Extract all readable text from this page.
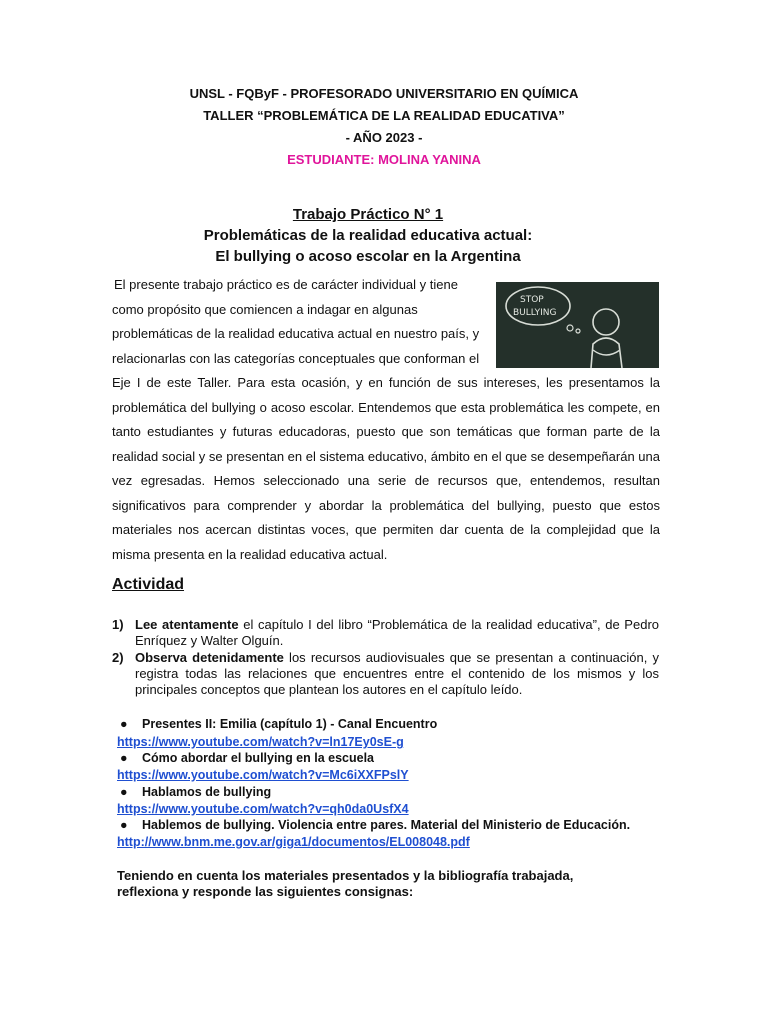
UNSL - FQByF - PROFESORADO UNIVERSITARIO EN QUÍMICA
TALLER “PROBLEMÁTICA DE LA REALIDAD EDUCATIVA”
- AÑO 2023 -
ESTUDIANTE: MOLINA YANINA
Trabajo Práctico N° 1
Problemáticas de la realidad educativa actual:
El bullying o acoso escolar en la Argentina
El presente trabajo práctico es de carácter individual y tiene
como propósito que comiencen a indagar en algunas
problemáticas de la realidad educativa actual en nuestro país, y
relacionarlas con las categorías conceptuales que conforman el
Eje I de este Taller. Para esta ocasión, y en función de sus intereses, les presentamos la problemática del bullying o acoso escolar. Entendemos que esta problemática les compete, en tanto estudiantes y futuras educadoras, puesto que son temáticas que forman parte de la realidad social y se presentan en el sistema educativo, ámbito en el que se desempeñarán una vez egresadas. Hemos seleccionado una serie de recursos que, entendemos, resultan significativos para comprender y abordar la problemática del bullying, puesto que estos materiales nos acercan distintas voces, que permiten dar cuenta de la complejidad que la misma presenta en la realidad educativa actual.
STOP
BULLYING
Actividad
1) Lee atentamente el capítulo I del libro “Problemática de la realidad educativa”, de Pedro Enríquez y Walter Olguín.
2) Observa detenidamente los recursos audiovisuales que se presentan a continuación, y registra todas las relaciones que encuentres entre el contenido de los mismos y los principales conceptos que plantean los autores en el capítulo leído.
● Presentes II: Emilia (capítulo 1) - Canal Encuentro
https://www.youtube.com/watch?v=ln17Ey0sE-g
● Cómo abordar el bullying en la escuela
https://www.youtube.com/watch?v=Mc6iXXFPslY
● Hablamos de bullying
https://www.youtube.com/watch?v=qh0da0UsfX4
● Hablemos de bullying. Violencia entre pares. Material del Ministerio de Educación.
http://www.bnm.me.gov.ar/giga1/documentos/EL008048.pdf
Teniendo en cuenta los materiales presentados y la bibliografía trabajada, reflexiona y responde las siguientes consignas:
